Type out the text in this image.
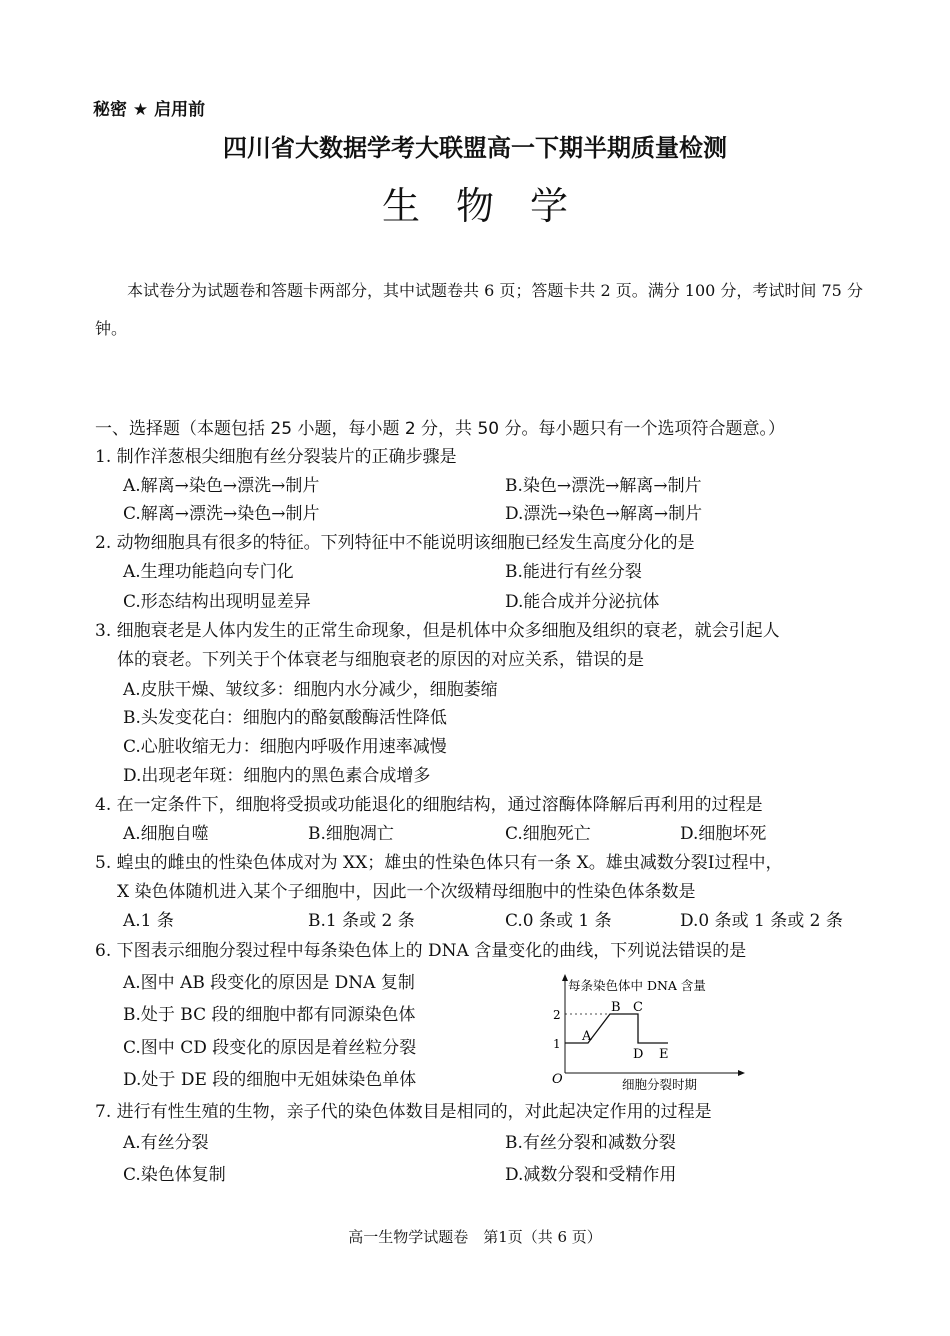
秘密 ★ 启用前
四川省大数据学考大联盟高一下期半期质量检测
生物学
本试卷分为试题卷和答题卡两部分，其中试题卷共 6 页；答题卡共 2 页。满分 100 分，考试时间 75 分钟。
一、选择题（本题包括 25 小题，每小题 2 分，共 50 分。每小题只有一个选项符合题意。）
1. 制作洋葱根尖细胞有丝分裂装片的正确步骤是
A.解离→染色→漂洗→制片	B.染色→漂洗→解离→制片
C.解离→漂洗→染色→制片	D.漂洗→染色→解离→制片
2. 动物细胞具有很多的特征。下列特征中不能说明该细胞已经发生高度分化的是
A.生理功能趋向专门化	B.能进行有丝分裂
C.形态结构出现明显差异	D.能合成并分泌抗体
3. 细胞衰老是人体内发生的正常生命现象，但是机体中众多细胞及组织的衰老，就会引起人
体的衰老。下列关于个体衰老与细胞衰老的原因的对应关系，错误的是
A.皮肤干燥、皱纹多：细胞内水分减少，细胞萎缩
B.头发变花白：细胞内的酪氨酸酶活性降低
C.心脏收缩无力：细胞内呼吸作用速率减慢
D.出现老年斑：细胞内的黑色素合成增多
4. 在一定条件下，细胞将受损或功能退化的细胞结构，通过溶酶体降解后再利用的过程是
A.细胞自噬	B.细胞凋亡	C.细胞死亡	D.细胞坏死
5. 蝗虫的雌虫的性染色体成对为 XX；雄虫的性染色体只有一条 X。雄虫减数分裂Ⅰ过程中，
X 染色体随机进入某个子细胞中，因此一个次级精母细胞中的性染色体条数是
A.1 条	B.1 条或 2 条	C.0 条或 1 条	D.0 条或 1 条或 2 条
6. 下图表示细胞分裂过程中每条染色体上的 DNA 含量变化的曲线，下列说法错误的是
A.图中 AB 段变化的原因是 DNA 复制
B.处于 BC 段的细胞中都有同源染色体
C.图中 CD 段变化的原因是着丝粒分裂
D.处于 DE 段的细胞中无姐妹染色单体
每条染色体中 DNA 含量
细胞分裂时期
O
1
2
A
B C
D E
7. 进行有性生殖的生物，亲子代的染色体数目是相同的，对此起决定作用的过程是
A.有丝分裂	B.有丝分裂和减数分裂
C.染色体复制	D.减数分裂和受精作用
高一生物学试题卷　第1页（共 6 页）
